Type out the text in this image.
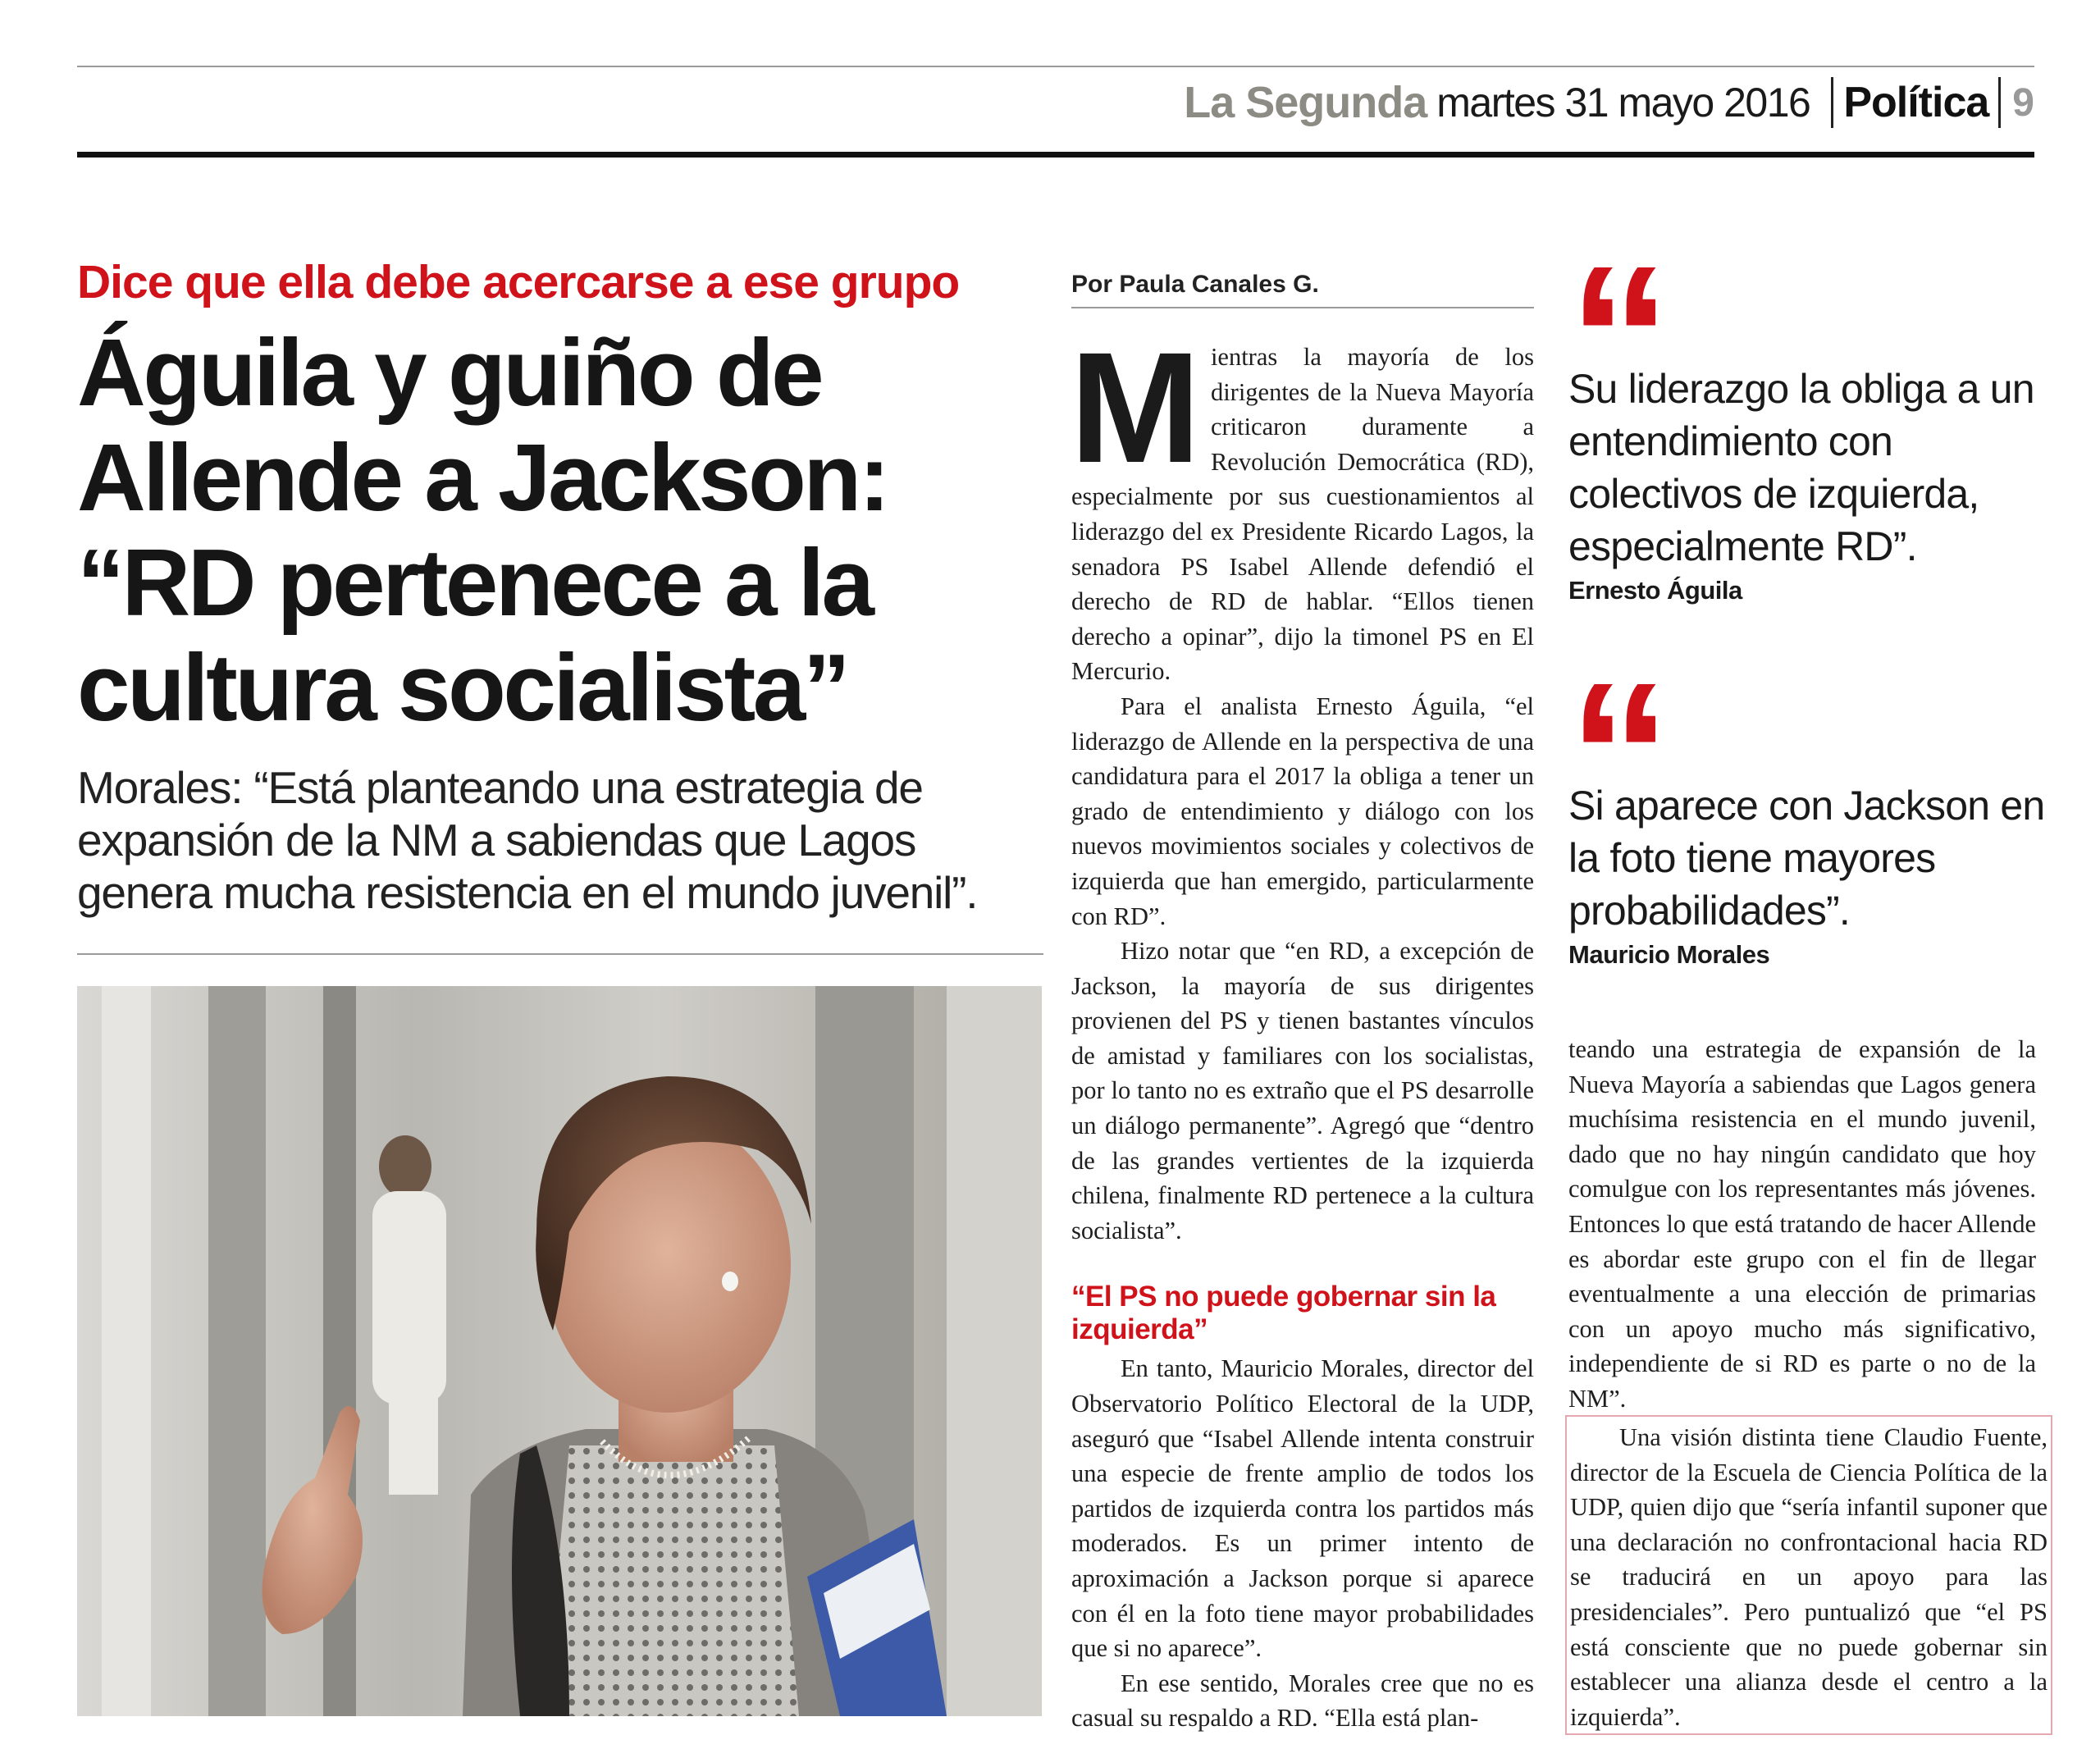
La Segunda martes 31 mayo 2016 Política 9
Dice que ella debe acercarse a ese grupo
Águila y guiño de Allende a Jackson: “RD pertenece a la cultura socialista”
Morales: “Está planteando una estrategia de expansión de la NM a sabiendas que Lagos genera mucha resistencia en el mundo juvenil”.
Por Paula Canales G.

Mientras la mayoría de los dirigentes de la Nueva Mayoría criticaron duramente a Revolución Democrática (RD), especialmente por sus cuestionamientos al liderazgo del ex Presidente Ricardo Lagos, la senadora PS Isabel Allende defendió el derecho de RD de hablar. “Ellos tienen derecho a opinar”, dijo la timonel PS en El Mercurio.

Para el analista Ernesto Águila, “el liderazgo de Allende en la perspectiva de una candidatura para el 2017 la obliga a tener un grado de entendimiento y diálogo con los nuevos movimientos sociales y colectivos de izquierda que han emergido, particularmente con RD”.

Hizo notar que “en RD, a excepción de Jackson, la mayoría de sus dirigentes provienen del PS y tienen bastantes vínculos de amistad y familiares con los socialistas, por lo tanto no es extraño que el PS desarrolle un diálogo permanente”. Agregó que “dentro de las grandes vertientes de la izquierda chilena, finalmente RD pertenece a la cultura socialista”.

“El PS no puede gobernar sin la izquierda”

En tanto, Mauricio Morales, director del Observatorio Político Electoral de la UDP, aseguró que “Isabel Allende intenta construir una especie de frente amplio de todos los partidos de izquierda contra los partidos más moderados. Es un primer intento de aproximación a Jackson porque si aparece con él en la foto tiene mayor probabilidades que si no aparece”.

En ese sentido, Morales cree que no es casual su respaldo a RD. “Ella está plan-

“
Su liderazgo la obliga a un entendimiento con colectivos de izquierda, especialmente RD”.
Ernesto Águila
“
Si aparece con Jackson en la foto tiene mayores probabilidades”.
Mauricio Morales

teando una estrategia de expansión de la Nueva Mayoría a sabiendas que Lagos genera muchísima resistencia en el mundo juvenil, dado que no hay ningún candidato que hoy comulgue con los representantes más jóvenes. Entonces lo que está tratando de hacer Allende es abordar este grupo con el fin de llegar eventualmente a una elección de primarias con un apoyo mucho más significativo, independiente de si RD es parte o no de la NM”.

Una visión distinta tiene Claudio Fuente, director de la Escuela de Ciencia Política de la UDP, quien dijo que “sería infantil suponer que una declaración no confrontacional hacia RD se traducirá en un apoyo para las presidenciales”. Pero puntualizó que “el PS está consciente que no puede gobernar sin establecer una alianza desde el centro a la izquierda”.
